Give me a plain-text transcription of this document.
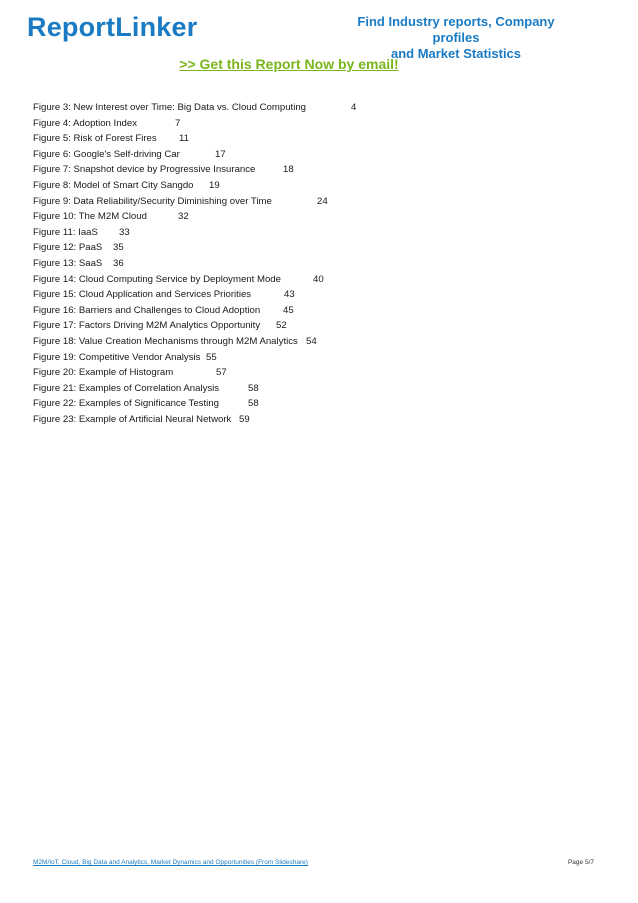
ReportLinker	Find Industry reports, Company profiles
and Market Statistics
>> Get this Report Now by email!
Figure 3: New Interest over Time: Big Data vs. Cloud Computing	4
Figure 4: Adoption Index	7
Figure 5: Risk of Forest Fires 11
Figure 6: Google's Self-driving Car	17
Figure 7: Snapshot device by Progressive Insurance	18
Figure 8: Model of Smart City Sangdo 19
Figure 9: Data Reliability/Security Diminishing over Time	24
Figure 10: The M2M Cloud	32
Figure 11: IaaS 33
Figure 12: PaaS 35
Figure 13: SaaS 36
Figure 14: Cloud Computing Service by Deployment Mode	40
Figure 15: Cloud Application and Services Priorities	43
Figure 16: Barriers and Challenges to Cloud Adoption 45
Figure 17: Factors Driving M2M Analytics Opportunity 52
Figure 18: Value Creation Mechanisms through M2M Analytics 54
Figure 19: Competitive Vendor Analysis 55
Figure 20: Example of Histogram	57
Figure 21: Examples of Correlation Analysis	58
Figure 22: Examples of Significance Testing	58
Figure 23: Example of Artificial Neural Network 59
M2M/IoT, Cloud, Big Data and Analytics, Market Dynamics and Opportunities (From Slideshare)	Page 5/7
